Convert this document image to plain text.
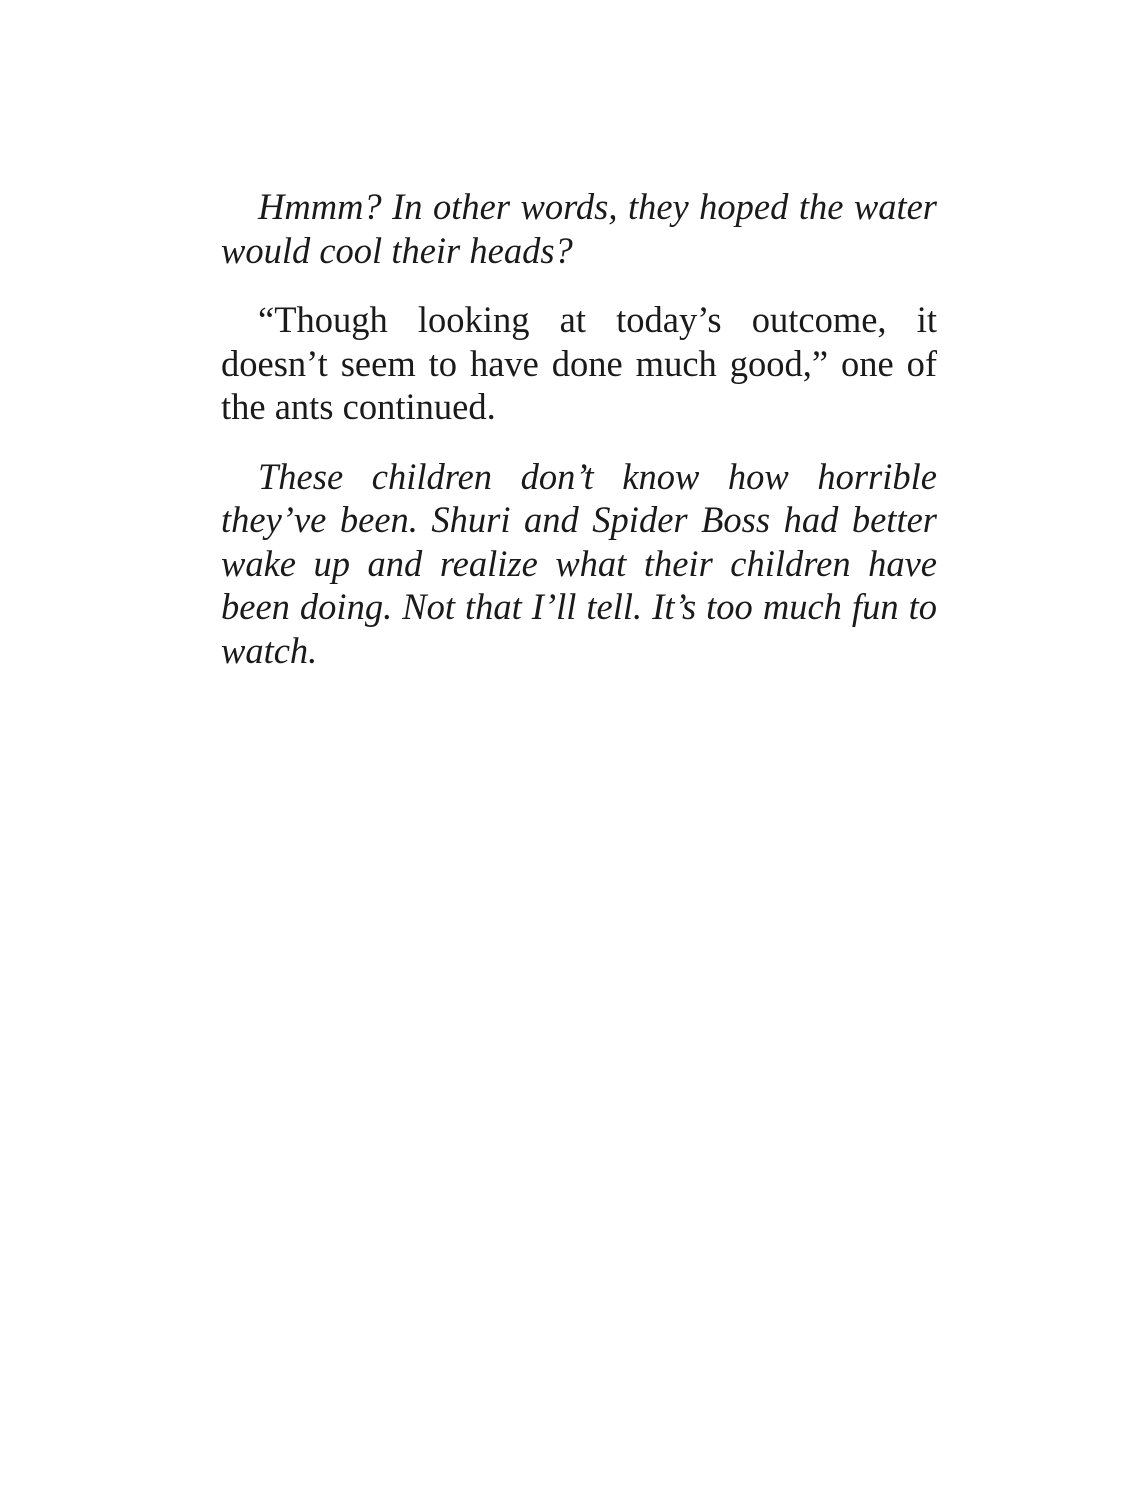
Hmmm? In other words, they hoped the water would cool their heads?

“Though looking at today’s outcome, it doesn’t seem to have done much good,” one of the ants continued.

These children don’t know how horrible they’ve been. Shuri and Spider Boss had better wake up and realize what their children have been doing. Not that I’ll tell. It’s too much fun to watch.
